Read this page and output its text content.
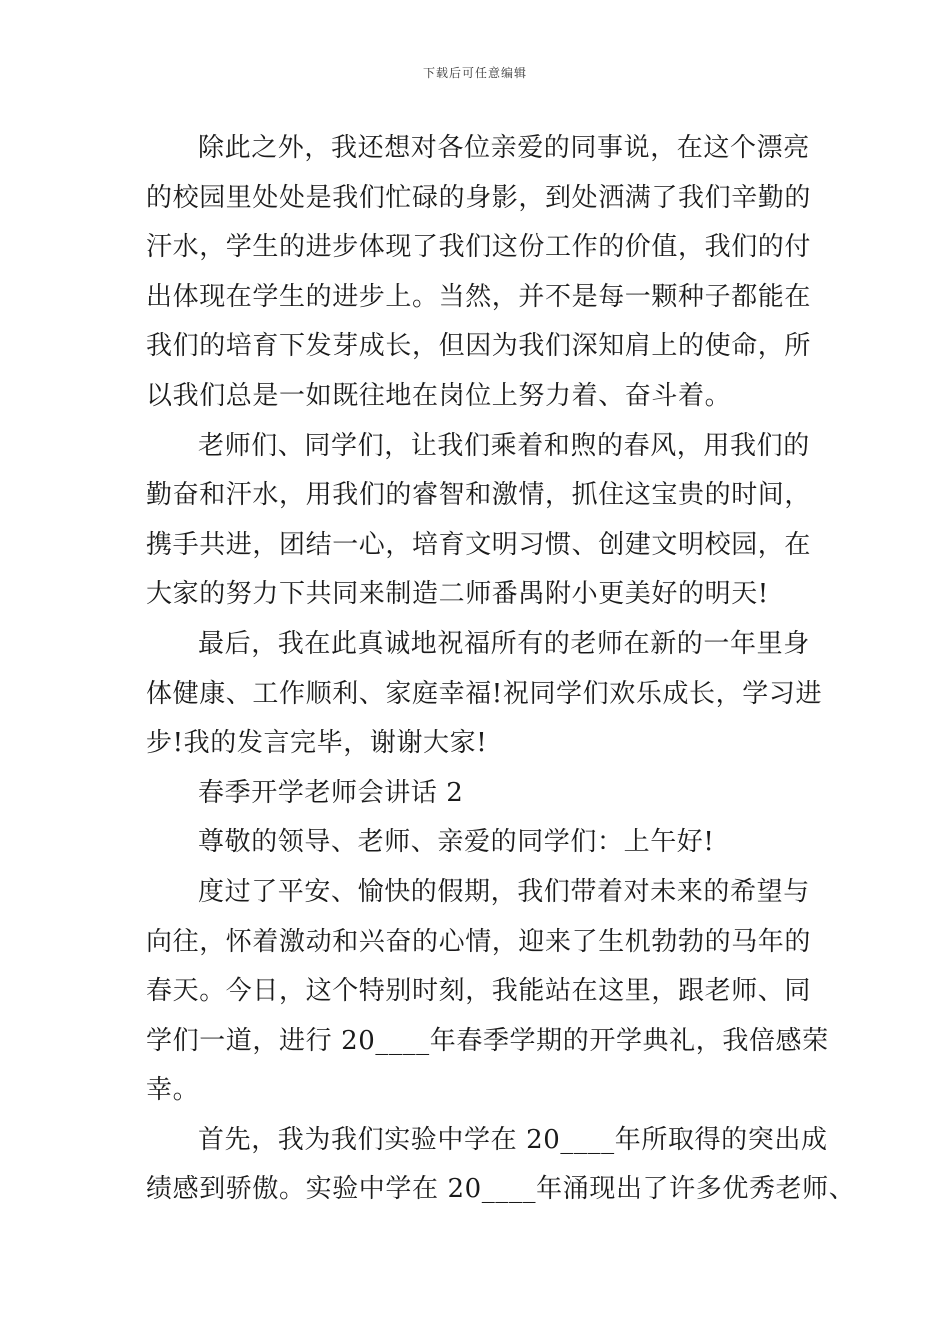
下载后可任意编辑
除此之外，我还想对各位亲爱的同事说，在这个漂亮
的校园里处处是我们忙碌的身影，到处洒满了我们辛勤的
汗水，学生的进步体现了我们这份工作的价值，我们的付
出体现在学生的进步上。当然，并不是每一颗种子都能在
我们的培育下发芽成长，但因为我们深知肩上的使命，所
以我们总是一如既往地在岗位上努力着、奋斗着。
老师们、同学们，让我们乘着和煦的春风，用我们的
勤奋和汗水，用我们的睿智和激情，抓住这宝贵的时间，
携手共进，团结一心，培育文明习惯、创建文明校园，在
大家的努力下共同来制造二师番禺附小更美好的明天!
最后，我在此真诚地祝福所有的老师在新的一年里身
体健康、工作顺利、家庭幸福!祝同学们欢乐成长，学习进
步!我的发言完毕，谢谢大家!
春季开学老师会讲话 2
尊敬的领导、老师、亲爱的同学们：上午好!
度过了平安、愉快的假期，我们带着对未来的希望与
向往，怀着激动和兴奋的心情，迎来了生机勃勃的马年的
春天。今日，这个特别时刻，我能站在这里，跟老师、同
学们一道，进行 20____年春季学期的开学典礼，我倍感荣
幸。
首先，我为我们实验中学在 20____年所取得的突出成
绩感到骄傲。实验中学在 20____年涌现出了许多优秀老师、
